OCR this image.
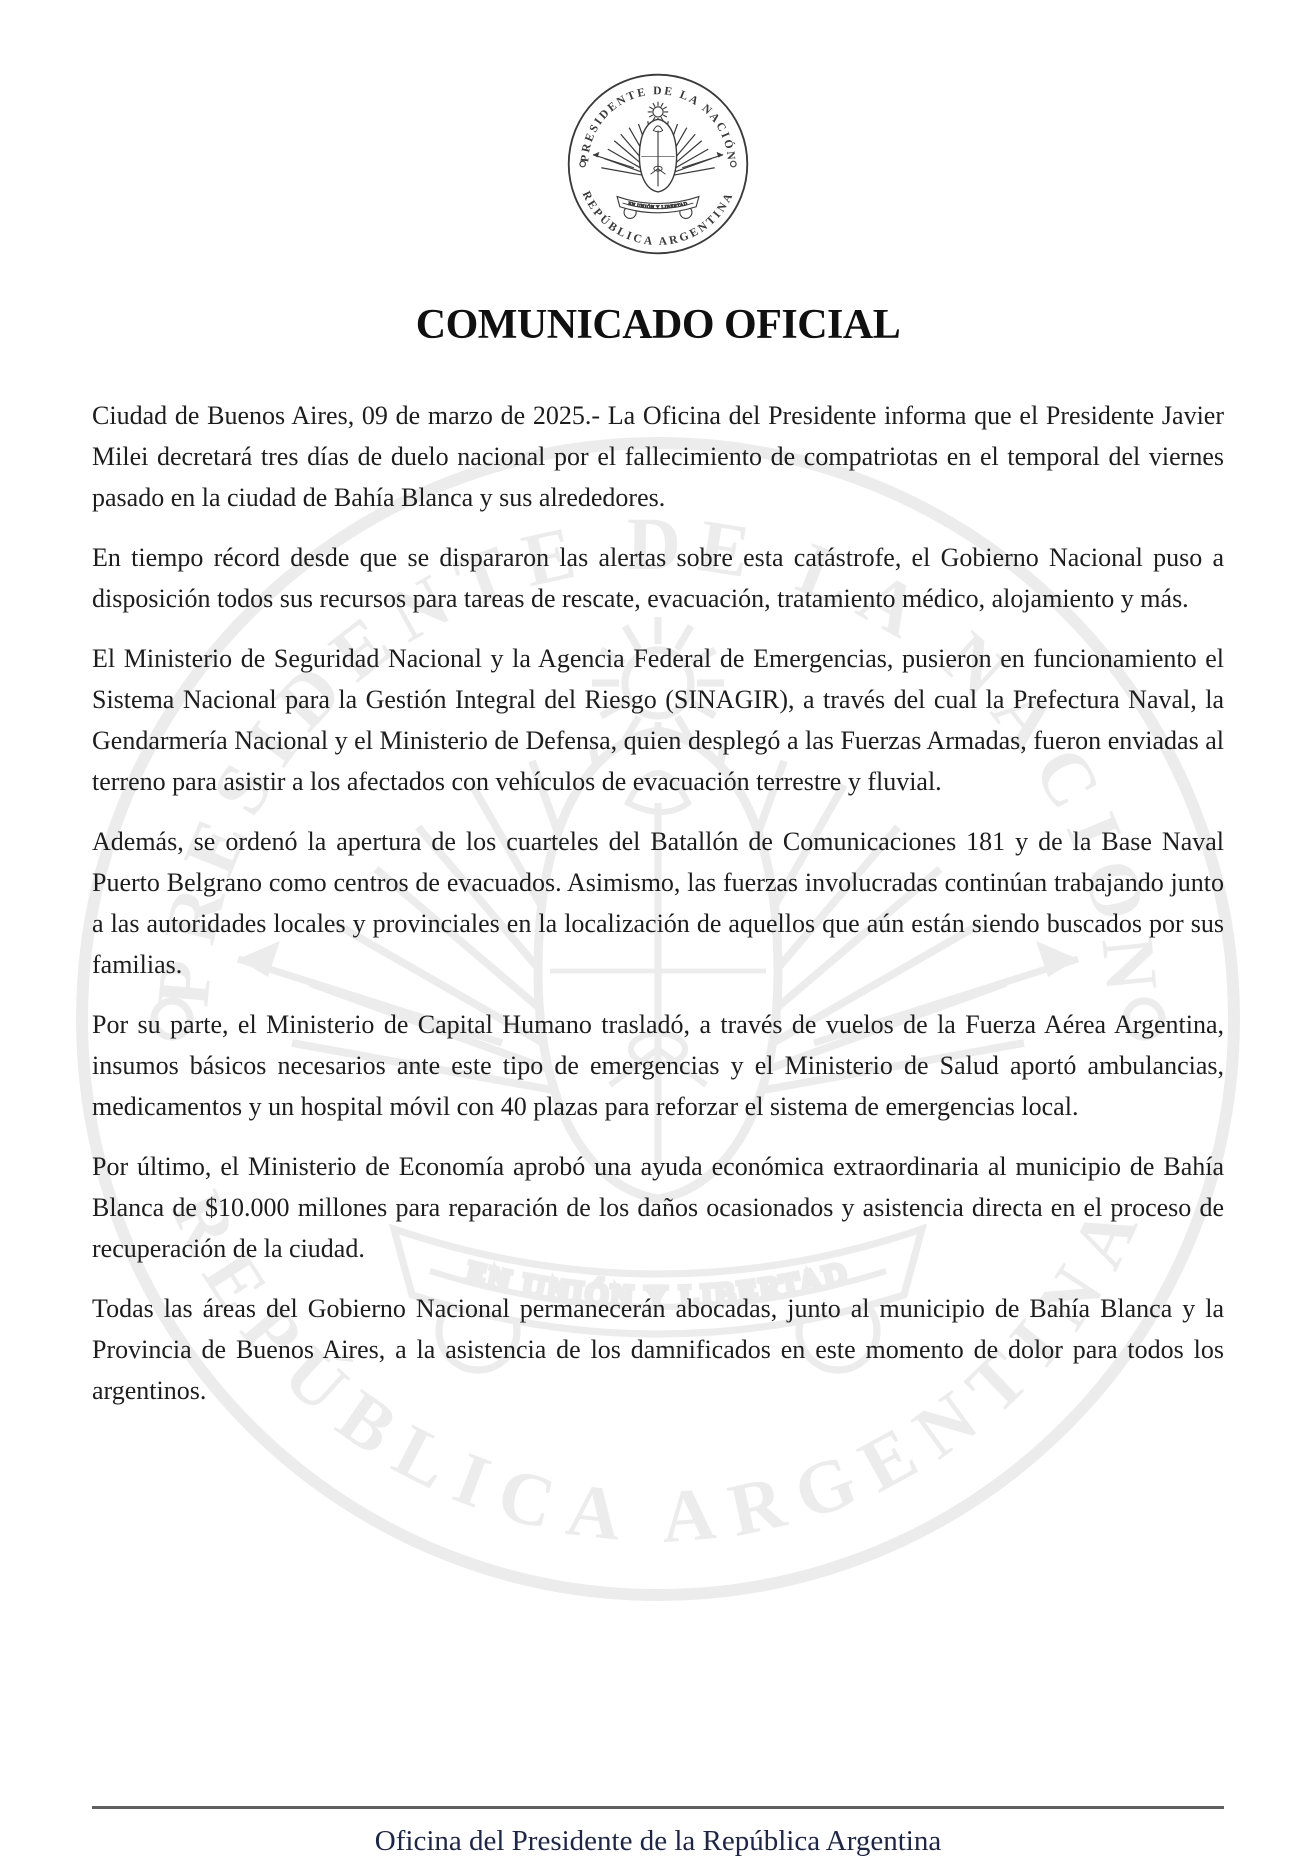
COMUNICADO OFICIAL

Ciudad de Buenos Aires, 09 de marzo de 2025.- La Oficina del Presidente informa que el Presidente Javier Milei decretará tres días de duelo nacional por el fallecimiento de compatriotas en el temporal del viernes pasado en la ciudad de Bahía Blanca y sus alrededores.

En tiempo récord desde que se dispararon las alertas sobre esta catástrofe, el Gobierno Nacional puso a disposición todos sus recursos para tareas de rescate, evacuación, tratamiento médico, alojamiento y más.

El Ministerio de Seguridad Nacional y la Agencia Federal de Emergencias, pusieron en funcionamiento el Sistema Nacional para la Gestión Integral del Riesgo (SINAGIR), a través del cual la Prefectura Naval, la Gendarmería Nacional y el Ministerio de Defensa, quien desplegó a las Fuerzas Armadas, fueron enviadas al terreno para asistir a los afectados con vehículos de evacuación terrestre y fluvial.

Además, se ordenó la apertura de los cuarteles del Batallón de Comunicaciones 181 y de la Base Naval Puerto Belgrano como centros de evacuados. Asimismo, las fuerzas involucradas continúan trabajando junto a las autoridades locales y provinciales en la localización de aquellos que aún están siendo buscados por sus familias.

Por su parte, el Ministerio de Capital Humano trasladó, a través de vuelos de la Fuerza Aérea Argentina, insumos básicos necesarios ante este tipo de emergencias y el Ministerio de Salud aportó ambulancias, medicamentos y un hospital móvil con 40 plazas para reforzar el sistema de emergencias local.

Por último, el Ministerio de Economía aprobó una ayuda económica extraordinaria al municipio de Bahía Blanca de $10.000 millones para reparación de los daños ocasionados y asistencia directa en el proceso de recuperación de la ciudad.

Todas las áreas del Gobierno Nacional permanecerán abocadas, junto al municipio de Bahía Blanca y la Provincia de Buenos Aires, a la asistencia de los damnificados en este momento de dolor para todos los argentinos.

Oficina del Presidente de la República Argentina
